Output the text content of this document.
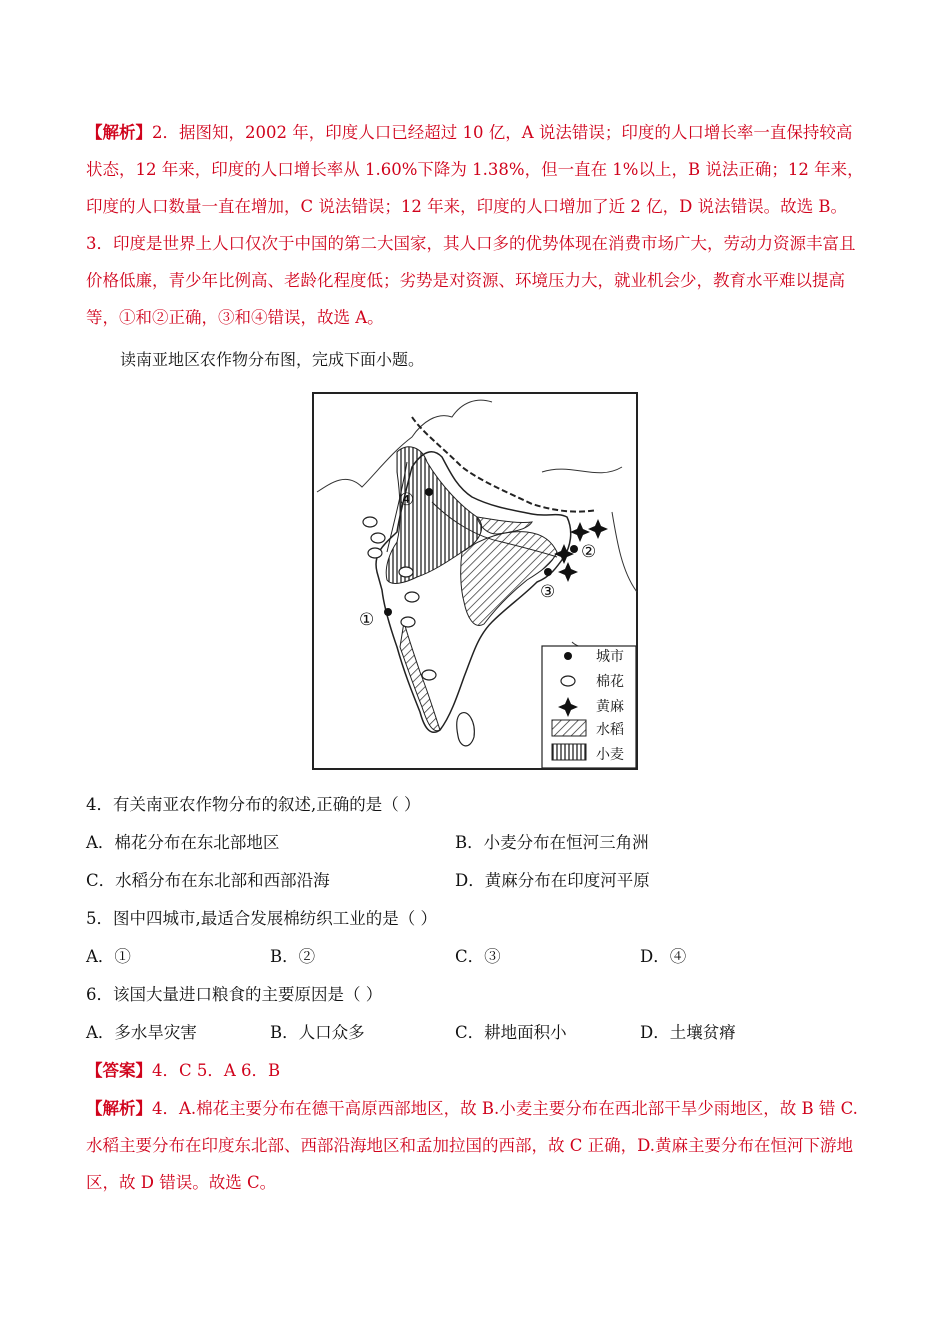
【解析】2．据图知，2002 年，印度人口已经超过 10 亿，A 说法错误；印度的人口增长率一直保持较高状态，12 年来，印度的人口增长率从 1.60%下降为 1.38%，但一直在 1%以上，B 说法正确；12 年来，印度的人口数量一直在增加，C 说法错误；12 年来，印度的人口增加了近 2 亿，D 说法错误。故选 B。

3．印度是世界上人口仅次于中国的第二大国家，其人口多的优势体现在消费市场广大，劳动力资源丰富且价格低廉，青少年比例高、老龄化程度低；劣势是对资源、环境压力大，就业机会少，教育水平难以提高等，①和②正确，③和④错误，故选 A。

读南亚地区农作物分布图，完成下面小题。
④
②
③
①
城市
棉花
黄麻
水稻
小麦
4．有关南亚农作物分布的叙述,正确的是（ ）
A．棉花分布在东北部地区	B．小麦分布在恒河三角洲
C．水稻分布在东北部和西部沿海	D．黄麻分布在印度河平原
5．图中四城市,最适合发展棉纺织工业的是（ ）
A．①	B．②	C．③	D．④
6．该国大量进口粮食的主要原因是（ ）
A．多水旱灾害	B．人口众多	C．耕地面积小	D．土壤贫瘠
【答案】4．C 5．A 6．B

【解析】4．A.棉花主要分布在德干高原西部地区，故 B.小麦主要分布在西北部干旱少雨地区，故 B 错 C.水稻主要分布在印度东北部、西部沿海地区和孟加拉国的西部，故 C 正确，D.黄麻主要分布在恒河下游地区，故 D 错误。故选 C。
